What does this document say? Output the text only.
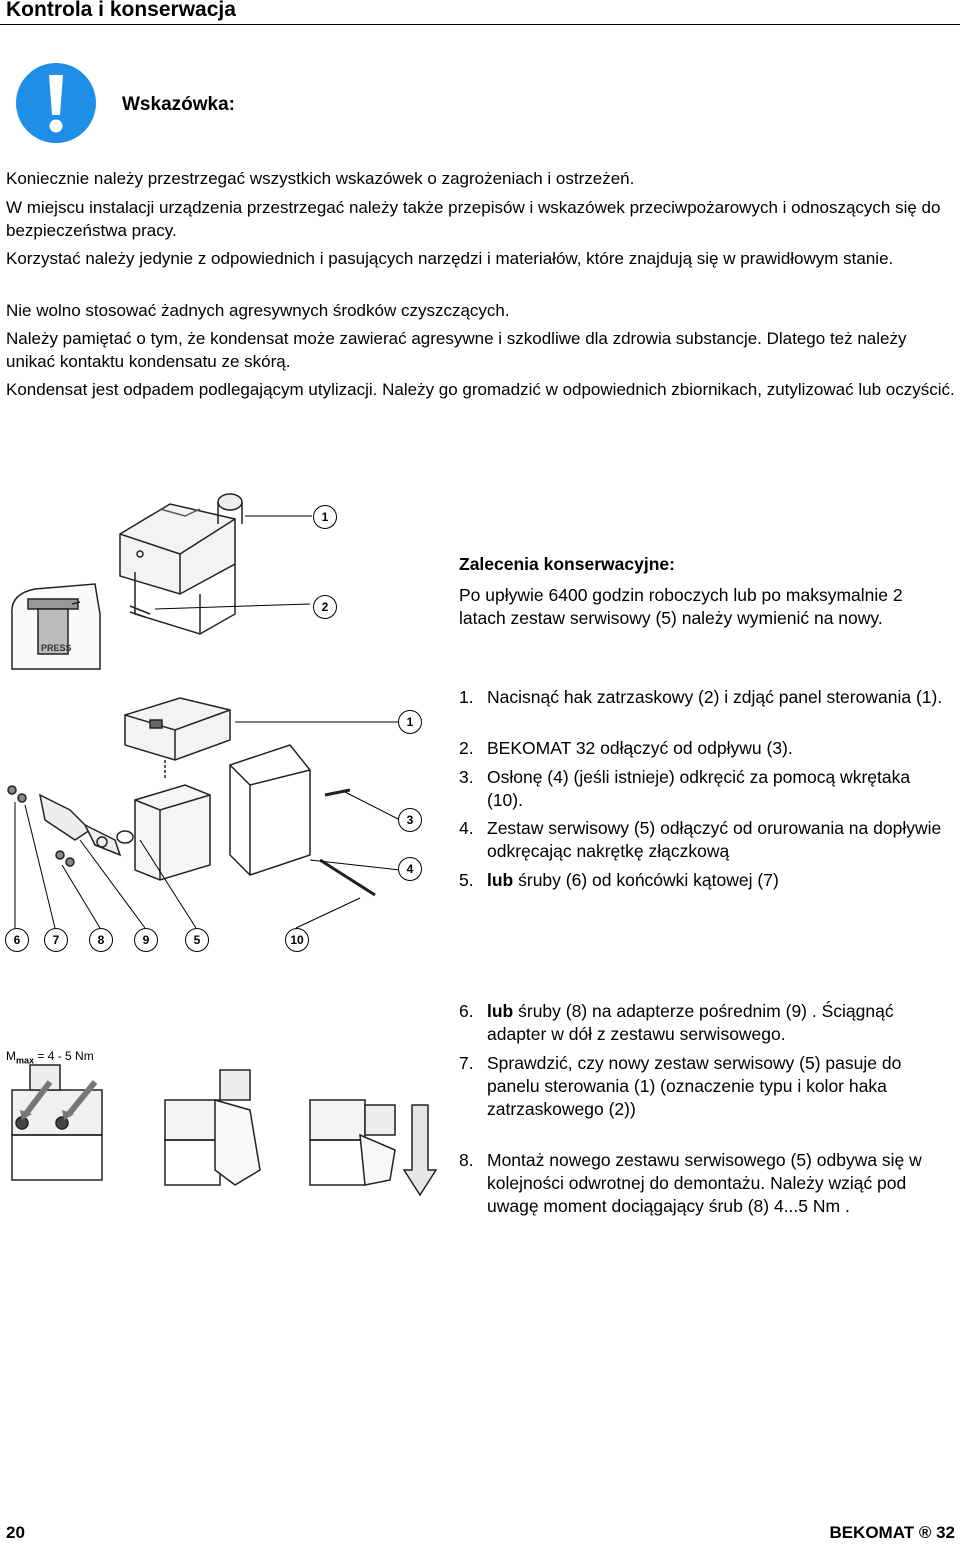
Kontrola i konserwacja
Wskazówka:
Koniecznie należy przestrzegać wszystkich wskazówek o zagrożeniach i ostrzeżeń.
W miejscu instalacji urządzenia przestrzegać należy także przepisów i wskazówek przeciwpożarowych i odnoszących się do bezpieczeństwa pracy.
Korzystać należy jedynie z odpowiednich i pasujących narzędzi i materiałów, które znajdują się w prawidłowym stanie.
Nie wolno stosować żadnych agresywnych środków czyszczących.
Należy pamiętać o tym, że kondensat może zawierać agresywne i szkodliwe dla zdrowia substancje. Dlatego też należy unikać kontaktu kondensatu ze skórą.
Kondensat jest odpadem podlegającym utylizacji. Należy go gromadzić w odpowiednich zbiornikach, zutylizować lub oczyścić.
PRESS
1
2
Zalecenia konserwacyjne:
Po upływie 6400 godzin roboczych lub po maksymalnie 2 latach zestaw serwisowy (5) należy wymienić na nowy.
1
3
4
6	7	8	9	5	10
1. Nacisnąć hak zatrzaskowy (2) i zdjąć panel sterowania (1).
2. BEKOMAT 32 odłączyć od odpływu (3).
3. Osłonę (4) (jeśli istnieje) odkręcić za pomocą wkrętaka (10).
4. Zestaw serwisowy (5) odłączyć od orurowania na dopływie odkręcając nakrętkę złączkową
5. lub śruby (6) od końcówki kątowej (7)
6. lub śruby (8) na adapterze pośrednim (9) . Ściągnąć adapter w dół z zestawu serwisowego.
7. Sprawdzić, czy nowy zestaw serwisowy (5) pasuje do panelu sterowania (1) (oznaczenie typu i kolor haka zatrzaskowego (2))
8. Montaż nowego zestawu serwisowego (5) odbywa się w kolejności odwrotnej do demontażu. Należy wziąć pod uwagę moment dociągający śrub (8) 4...5 Nm .
$M_{max} = 4 - 5$ Nm
20	BEKOMAT ® 32
